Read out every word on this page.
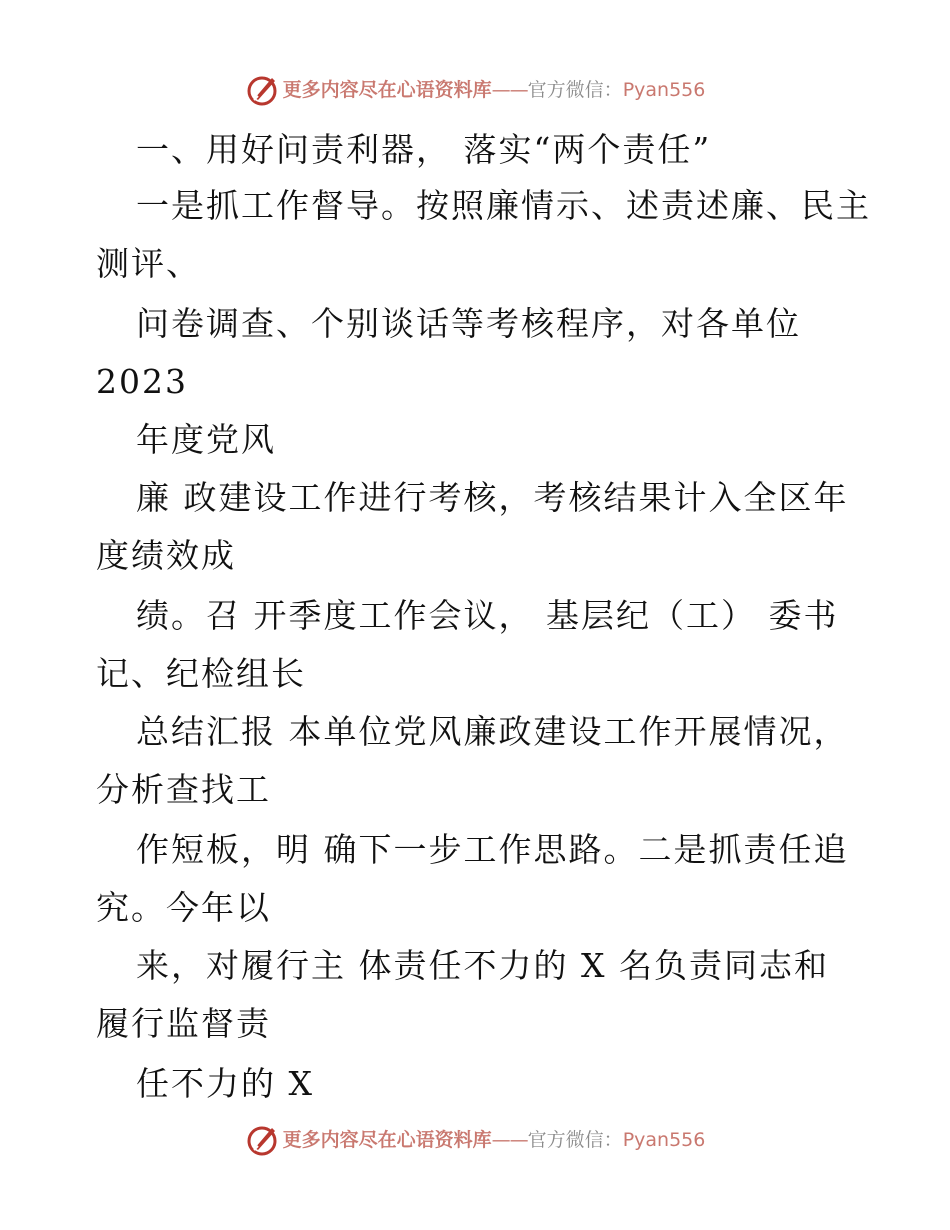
更多内容尽在心语资料库——官方微信：Pyan556
一、用好问责利器， 落实“两个责任”
一是抓工作督导。按照廉情示、述责述廉、民主
测评、
问卷调查、个别谈话等考核程序，对各单位
2023
年度党风
廉 政建设工作进行考核，考核结果计入全区年
度绩效成
绩。召 开季度工作会议， 基层纪（工） 委书
记、纪检组长
总结汇报 本单位党风廉政建设工作开展情况，
分析查找工
作短板，明 确下一步工作思路。二是抓责任追
究。今年以
来，对履行主 体责任不力的 X 名负责同志和
履行监督责
任不力的 X
更多内容尽在心语资料库——官方微信：Pyan556
